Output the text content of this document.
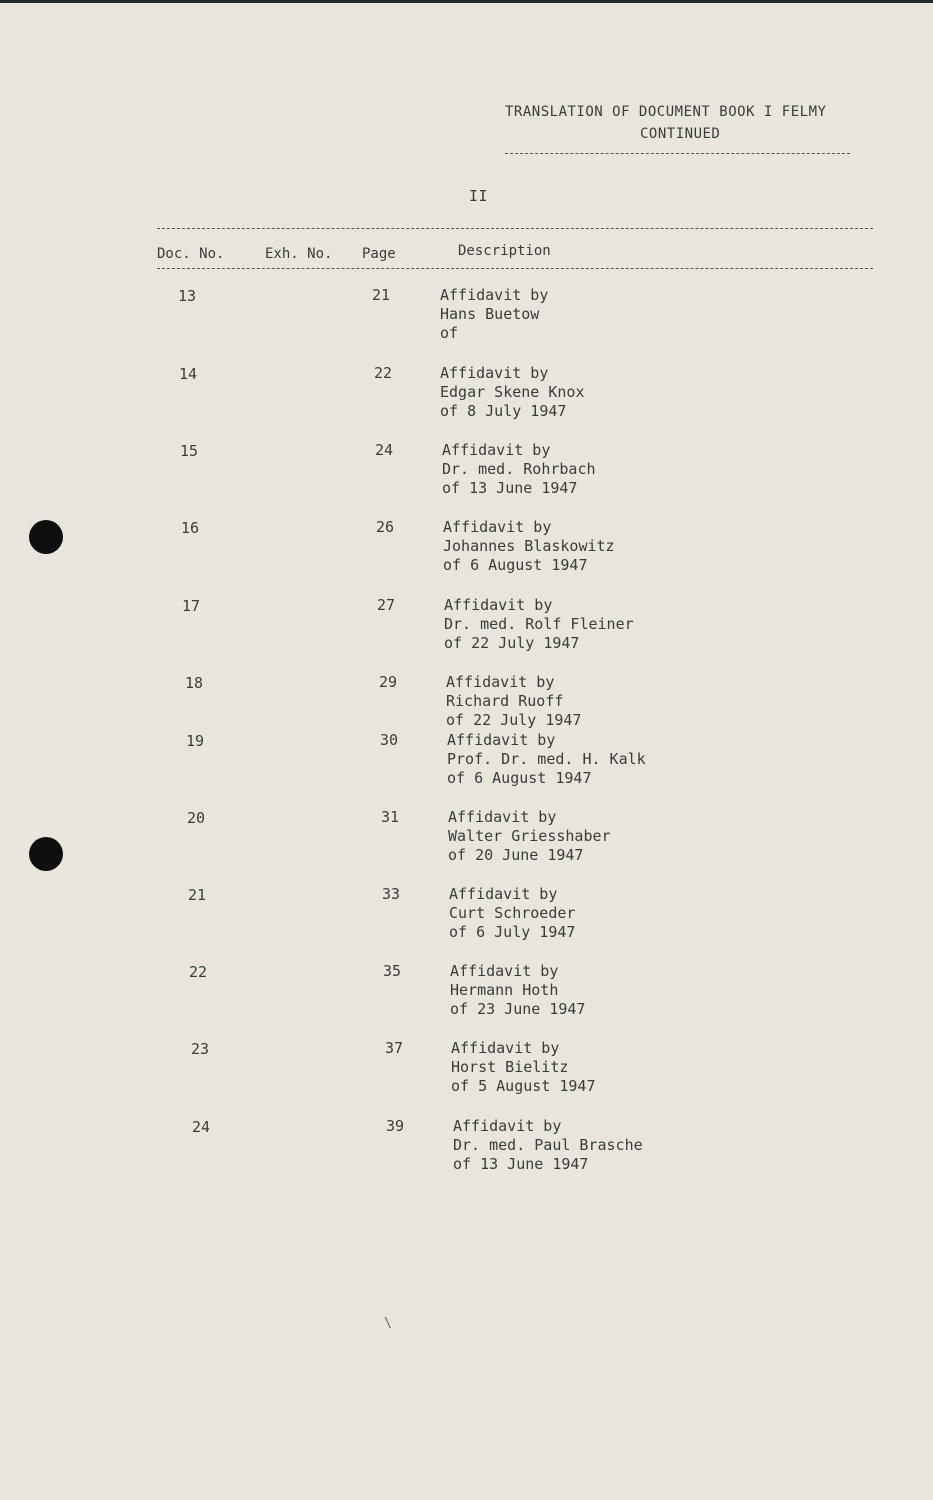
TRANSLATION OF DOCUMENT BOOK I FELMY
CONTINUED
II
Doc. No.	Exh. No. Page	Description
13	21	Affidavit by
Hans Buetow
of
14	22	Affidavit by
Edgar Skene Knox
of 8 July 1947
15	24	Affidavit by
Dr. med. Rohrbach
of 13 June 1947
16	26	Affidavit by
Johannes Blaskowitz
of 6 August 1947
17	27	Affidavit by
Dr. med. Rolf Fleiner
of 22 July 1947
18	29	Affidavit by
Richard Ruoff
of 22 July 1947
19	30	Affidavit by
Prof. Dr. med. H. Kalk
of 6 August 1947
20	31	Affidavit by
Walter Griesshaber
of 20 June 1947
21	33	Affidavit by
Curt Schroeder
of 6 July 1947
22	35	Affidavit by
Hermann Hoth
of 23 June 1947
23	37	Affidavit by
Horst Bielitz
of 5 August 1947
24	39	Affidavit by
Dr. med. Paul Brasche
of 13 June 1947
\
